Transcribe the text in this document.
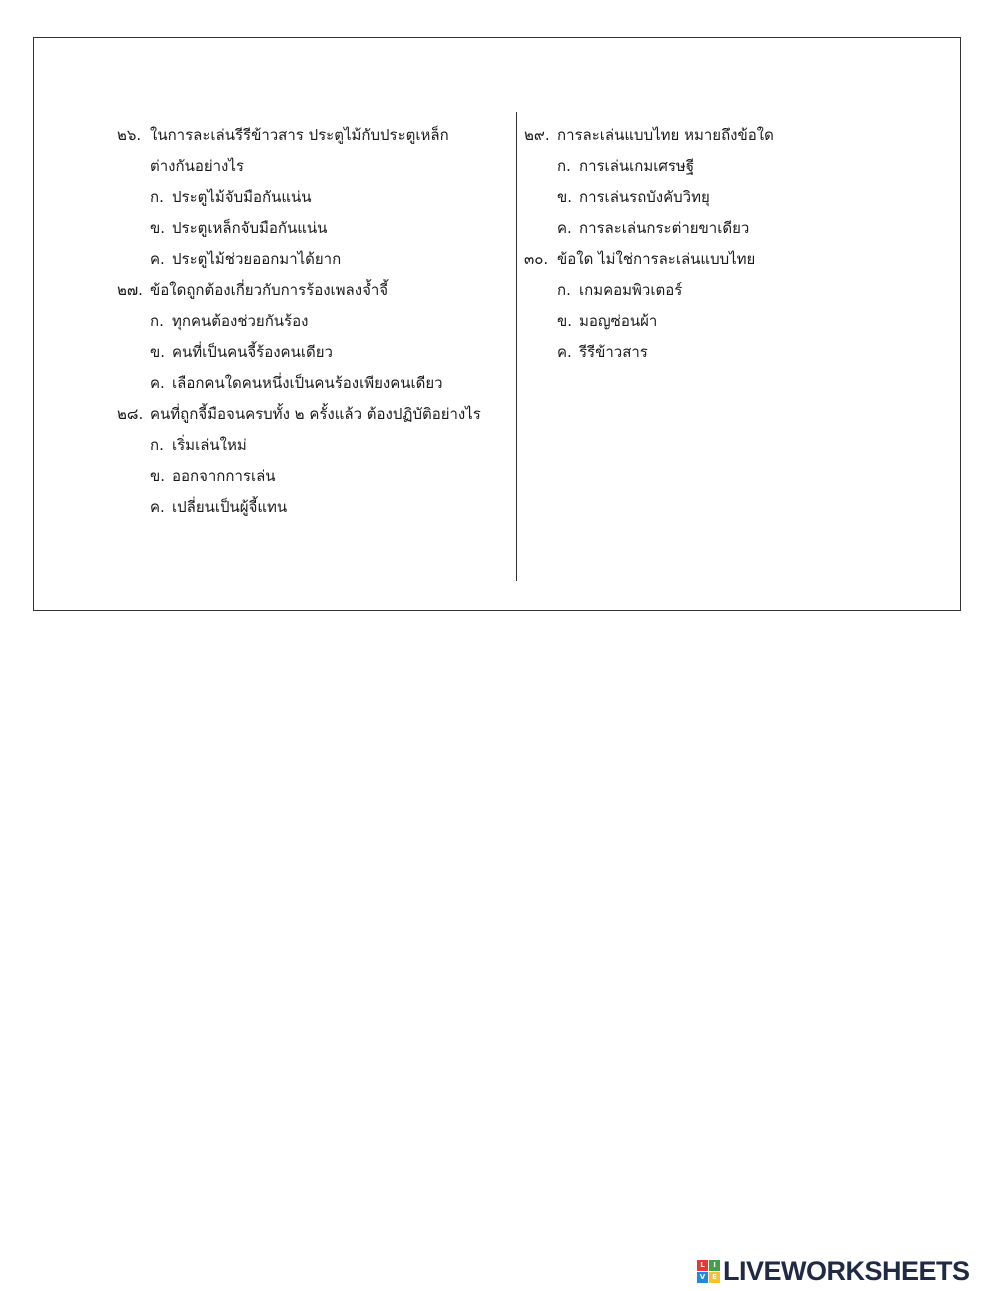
๒๖. ในการละเล่นรีรีข้าวสาร ประตูไม้กับประตูเหล็ก
ต่างกันอย่างไร
ก. ประตูไม้จับมือกันแน่น
ข. ประตูเหล็กจับมือกันแน่น
ค. ประตูไม้ช่วยออกมาได้ยาก
๒๗. ข้อใดถูกต้องเกี่ยวกับการร้องเพลงจ้ำจี้
ก. ทุกคนต้องช่วยกันร้อง
ข. คนที่เป็นคนจี้ร้องคนเดียว
ค. เลือกคนใดคนหนึ่งเป็นคนร้องเพียงคนเดียว
๒๘. คนที่ถูกจี้มือจนครบทั้ง ๒ ครั้งแล้ว ต้องปฏิบัติอย่างไร
ก. เริ่มเล่นใหม่
ข. ออกจากการเล่น
ค. เปลี่ยนเป็นผู้จี้แทน
๒๙. การละเล่นแบบไทย หมายถึงข้อใด
ก. การเล่นเกมเศรษฐี
ข. การเล่นรถบังคับวิทยุ
ค. การละเล่นกระต่ายขาเดียว
๓๐. ข้อใด ไม่ใช่การละเล่นแบบไทย
ก. เกมคอมพิวเตอร์
ข. มอญซ่อนผ้า
ค. รีรีข้าวสาร
L	I
V E LIVEWORKSHEETS
